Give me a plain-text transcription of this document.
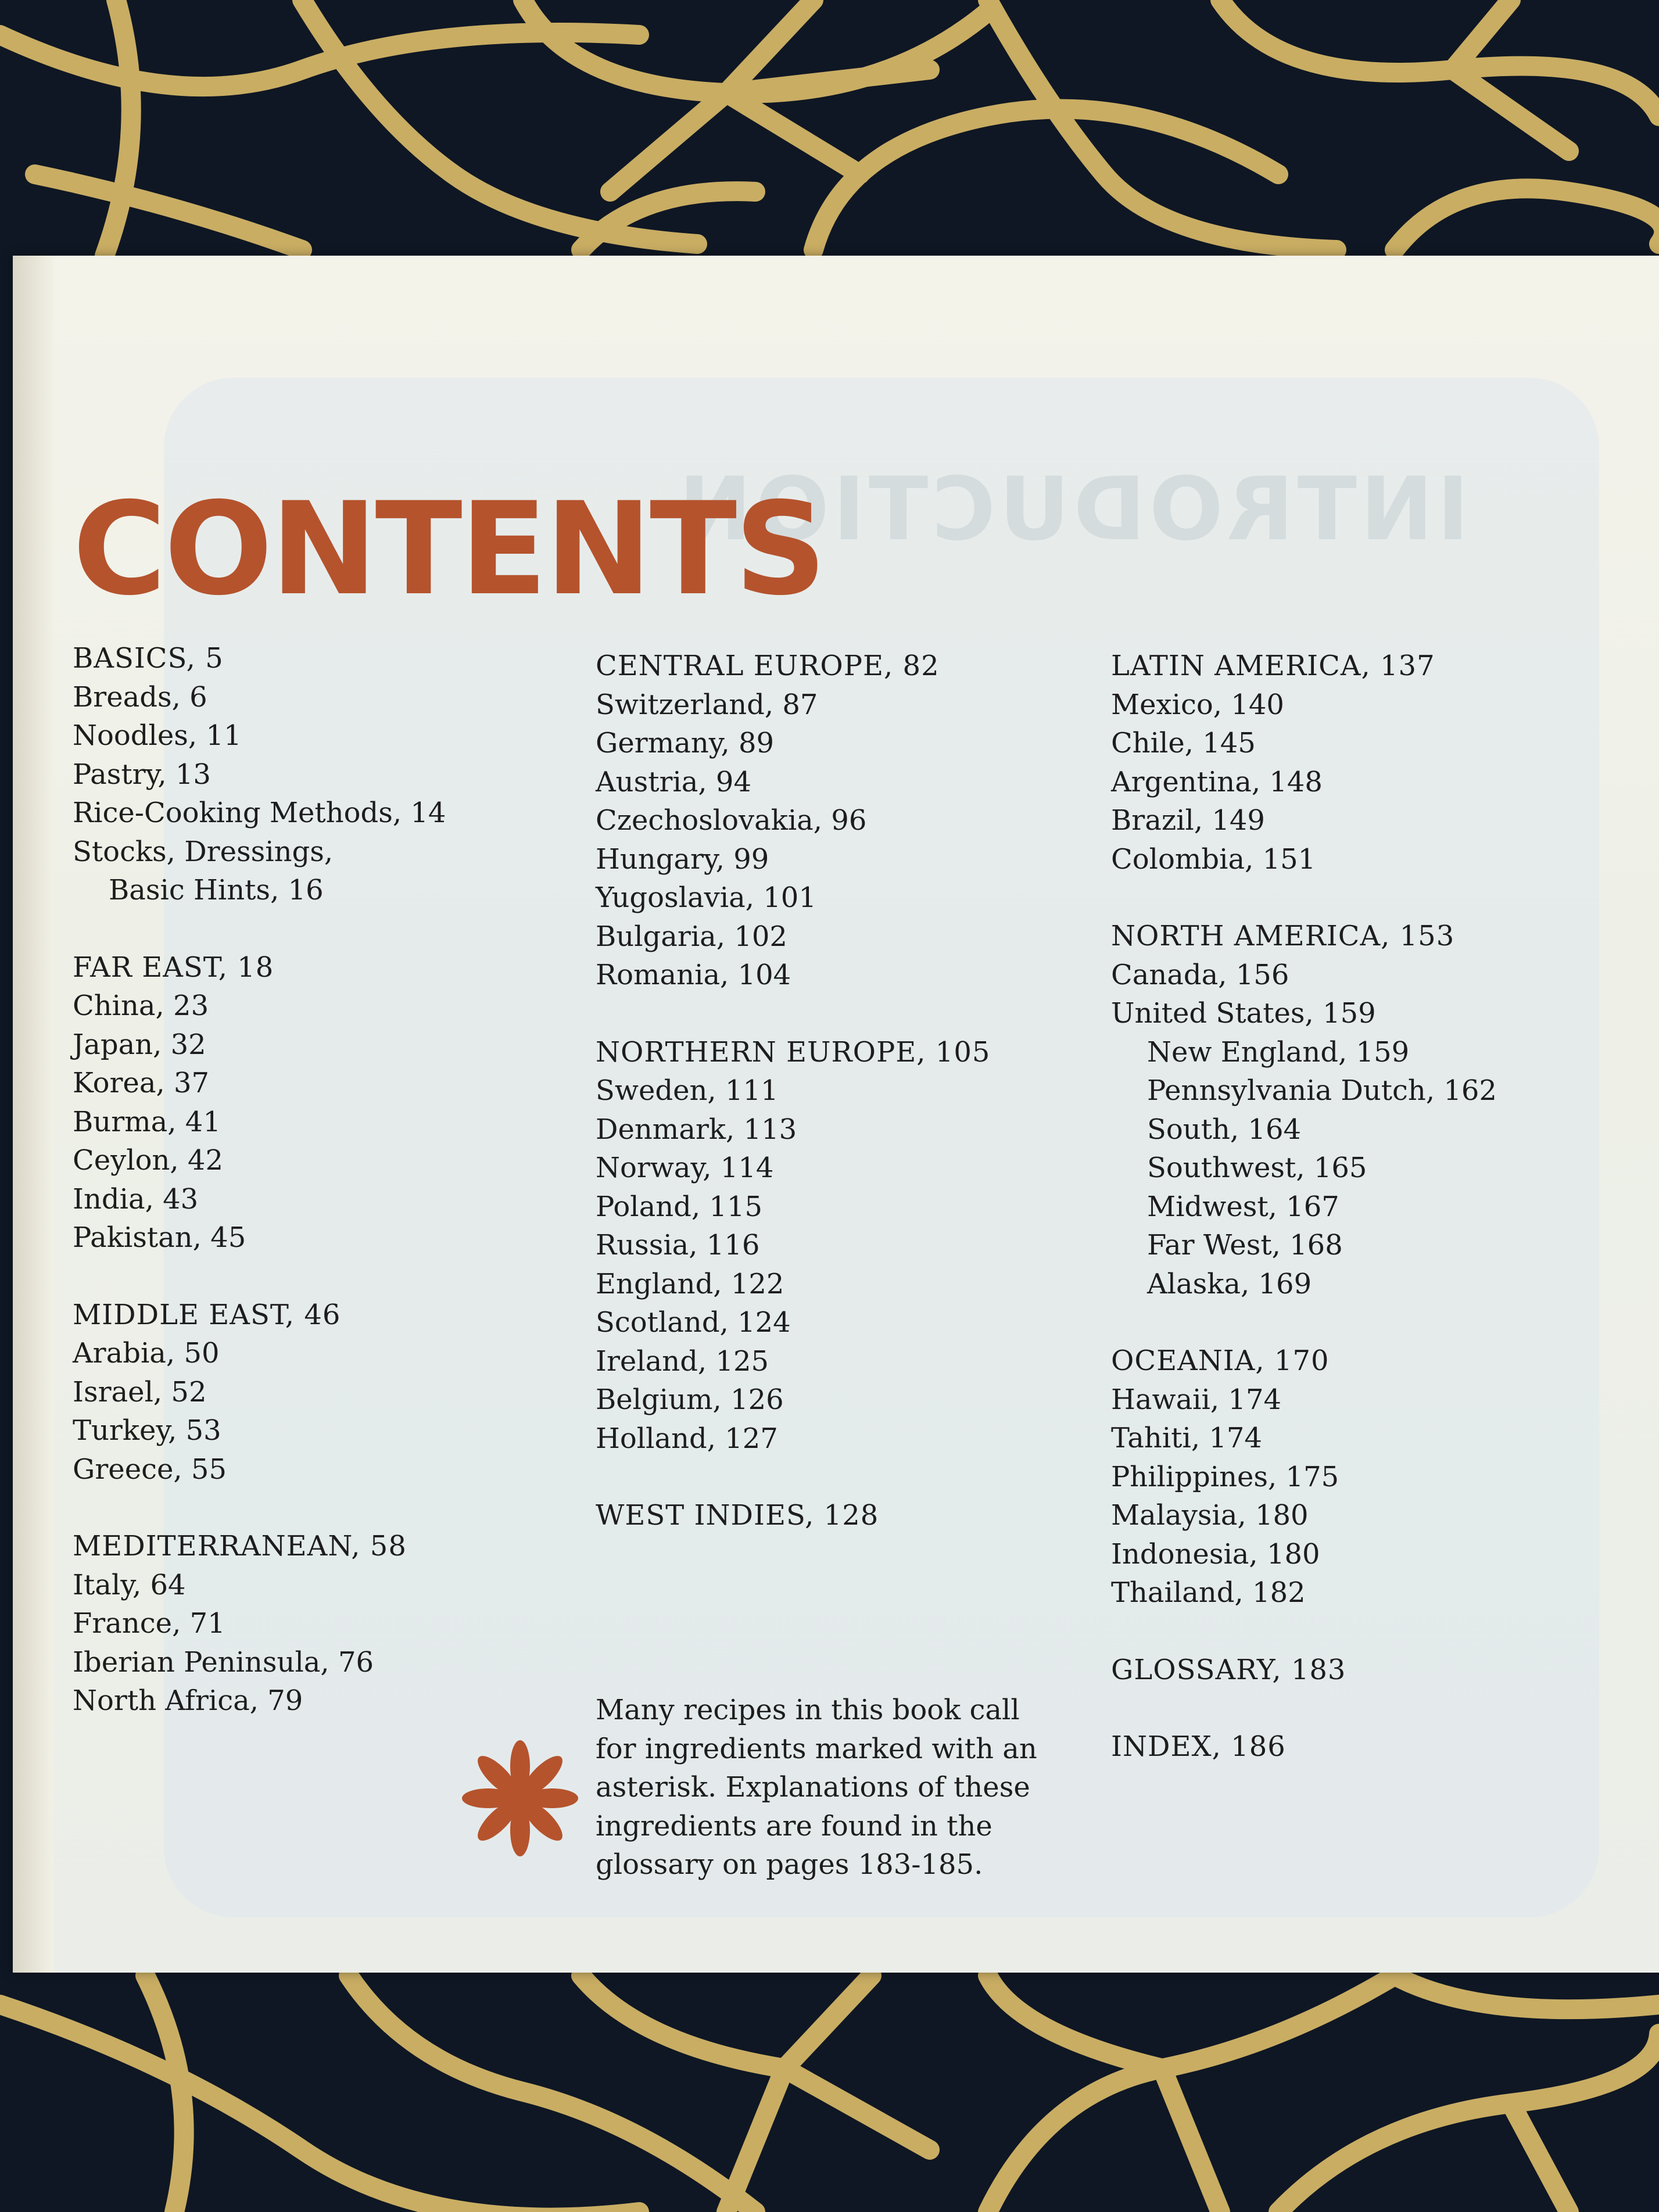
INTRODUCTION
CONTENTS
BASICS, 5
Breads, 6
Noodles, 11
Pastry, 13
Rice-Cooking Methods, 14
Stocks, Dressings,
Basic Hints, 16
FAR EAST, 18
China, 23
Japan, 32
Korea, 37
Burma, 41
Ceylon, 42
India, 43
Pakistan, 45
MIDDLE EAST, 46
Arabia, 50
Israel, 52
Turkey, 53
Greece, 55
MEDITERRANEAN, 58
Italy, 64
France, 71
Iberian Peninsula, 76
North Africa, 79
CENTRAL EUROPE, 82
Switzerland, 87
Germany, 89
Austria, 94
Czechoslovakia, 96
Hungary, 99
Yugoslavia, 101
Bulgaria, 102
Romania, 104
NORTHERN EUROPE, 105
Sweden, 111
Denmark, 113
Norway, 114
Poland, 115
Russia, 116
England, 122
Scotland, 124
Ireland, 125
Belgium, 126
Holland, 127
WEST INDIES, 128
LATIN AMERICA, 137
Mexico, 140
Chile, 145
Argentina, 148
Brazil, 149
Colombia, 151
NORTH AMERICA, 153
Canada, 156
United States, 159
New England, 159
Pennsylvania Dutch, 162
South, 164
Southwest, 165
Midwest, 167
Far West, 168
Alaska, 169
OCEANIA, 170
Hawaii, 174
Tahiti, 174
Philippines, 175
Malaysia, 180
Indonesia, 180
Thailand, 182
GLOSSARY, 183
INDEX, 186
Many recipes in this book call
for ingredients marked with an
asterisk. Explanations of these
ingredients are found in the
glossary on pages 183-185.
